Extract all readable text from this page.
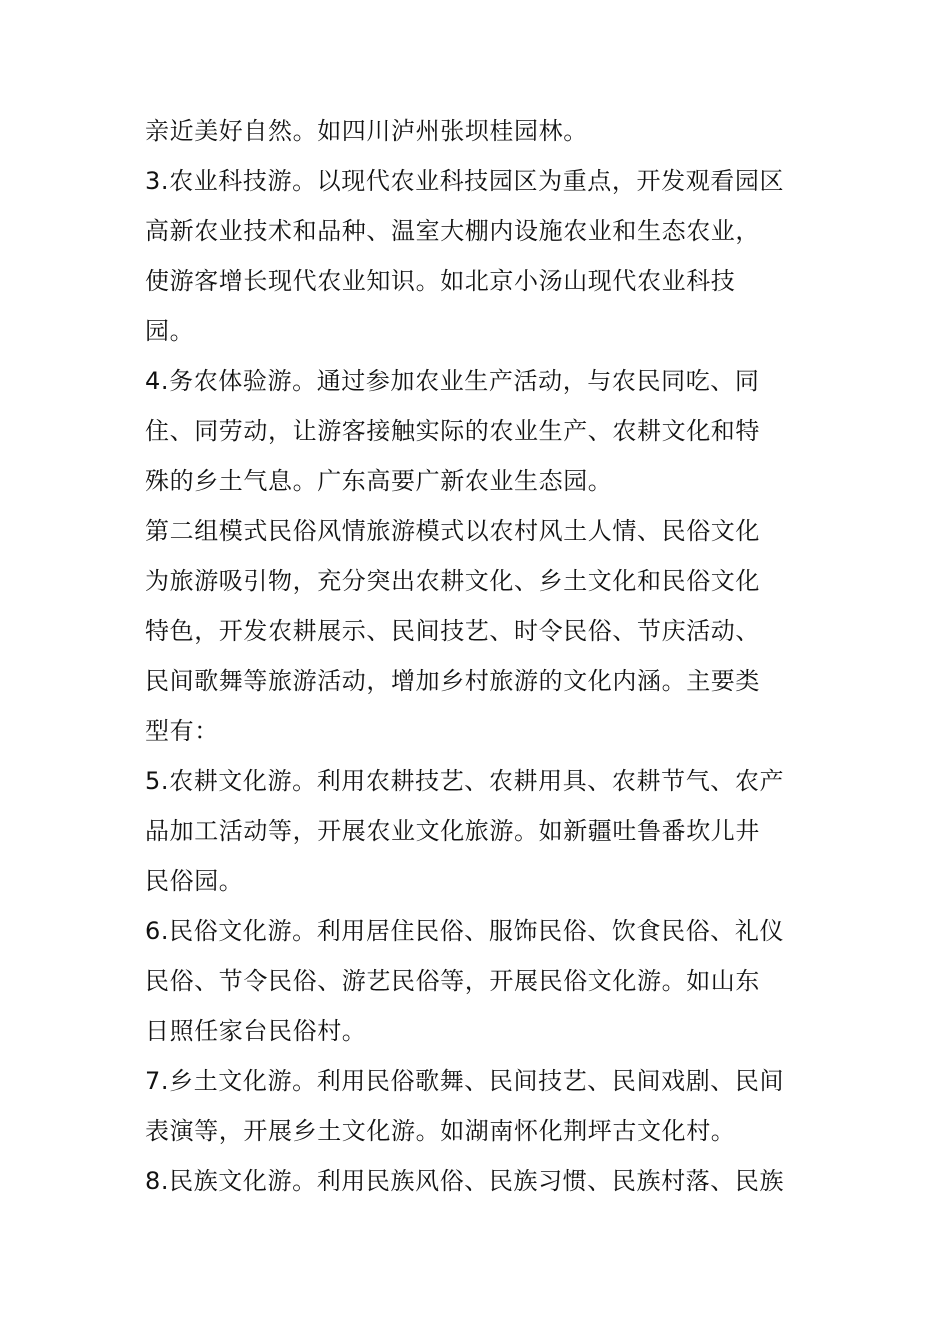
亲近美好自然。如四川泸州张坝桂园林。
3.农业科技游。以现代农业科技园区为重点，开发观看园区
高新农业技术和品种、温室大棚内设施农业和生态农业，
使游客增长现代农业知识。如北京小汤山现代农业科技
园。
4.务农体验游。通过参加农业生产活动，与农民同吃、同
住、同劳动，让游客接触实际的农业生产、农耕文化和特
殊的乡土气息。广东高要广新农业生态园。
第二组模式民俗风情旅游模式以农村风土人情、民俗文化
为旅游吸引物，充分突出农耕文化、乡土文化和民俗文化
特色，开发农耕展示、民间技艺、时令民俗、节庆活动、
民间歌舞等旅游活动，增加乡村旅游的文化内涵。主要类
型有：
5.农耕文化游。利用农耕技艺、农耕用具、农耕节气、农产
品加工活动等，开展农业文化旅游。如新疆吐鲁番坎儿井
民俗园。
6.民俗文化游。利用居住民俗、服饰民俗、饮食民俗、礼仪
民俗、节令民俗、游艺民俗等，开展民俗文化游。如山东
日照任家台民俗村。
7.乡土文化游。利用民俗歌舞、民间技艺、民间戏剧、民间
表演等，开展乡土文化游。如湖南怀化荆坪古文化村。
8.民族文化游。利用民族风俗、民族习惯、民族村落、民族
